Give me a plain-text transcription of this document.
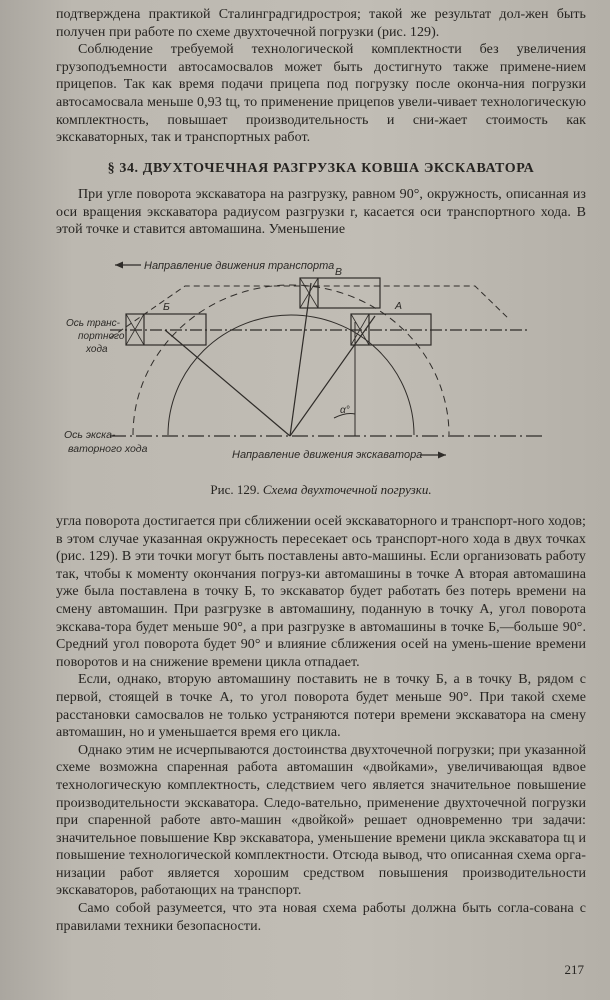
подтверждена практикой Сталинградгидростроя; такой же результат дол-жен быть получен при работе по схеме двухточечной погрузки (рис. 129).

Соблюдение требуемой технологической комплектности без увеличения грузоподъемности автосамосвалов может быть достигнуто также примене-нием прицепов. Так как время подачи прицепа под погрузку после оконча-ния погрузки автосамосвала меньше 0,93 tц, то применение прицепов увели-чивает технологическую комплектность, повышает производительность и сни-жает стоимость как экскаваторных, так и транспортных работ.

§ 34. ДВУХТОЧЕЧНАЯ РАЗГРУЗКА КОВША ЭКСКАВАТОРА

При угле поворота экскаватора на разгрузку, равном 90°, окружность, описанная из оси вращения экскаватора радиусом разгрузки r, касается оси транспортного хода. В этой точке и ставится автомашина. Уменьшение

Направление движения транспорта
Ось транс-
портного
хода
Ось экска-
ваторного хода	Направление движения экскаватора
В
Б	А
α°
Рис. 129. Схема двухточечной погрузки.

угла поворота достигается при сближении осей экскаваторного и транспорт-ного ходов; в этом случае указанная окружность пересекает ось транспорт-ного хода в двух точках (рис. 129). В эти точки могут быть поставлены авто-машины. Если организовать работу так, чтобы к моменту окончания погруз-ки автомашины в точке А вторая автомашина уже была поставлена в точку Б, то экскаватор будет работать без потерь времени на смену автомашин. При разгрузке в автомашину, поданную в точку А, угол поворота экскава-тора будет меньше 90°, а при разгрузке в автомашины в точке Б,—больше 90°. Средний угол поворота будет 90° и влияние сближения осей на умень-шение времени поворотов и на снижение времени цикла отпадает.

Если, однако, вторую автомашину поставить не в точку Б, а в точку В, рядом с первой, стоящей в точке А, то угол поворота будет меньше 90°. При такой схеме расстановки самосвалов не только устраняются потери времени экскаватора на смену автомашин, но и уменьшается время его цикла.

Однако этим не исчерпываются достоинства двухточечной погрузки; при указанной схеме возможна спаренная работа автомашин «двойками», увеличивающая вдвое технологическую комплектность, следствием чего является значительное повышение производительности экскаватора. Следо-вательно, применение двухточечной погрузки при спаренной работе авто-машин «двойкой» решает одновременно три задачи: значительное повышение Квр экскаватора, уменьшение времени цикла экскаватора tц и повышение технологической комплектности. Отсюда вывод, что описанная схема орга-низации работ является хорошим средством повышения производительности экскаваторов, работающих на транспорт.

Само собой разумеется, что эта новая схема работы должна быть согла-сована с правилами техники безопасности.

217
